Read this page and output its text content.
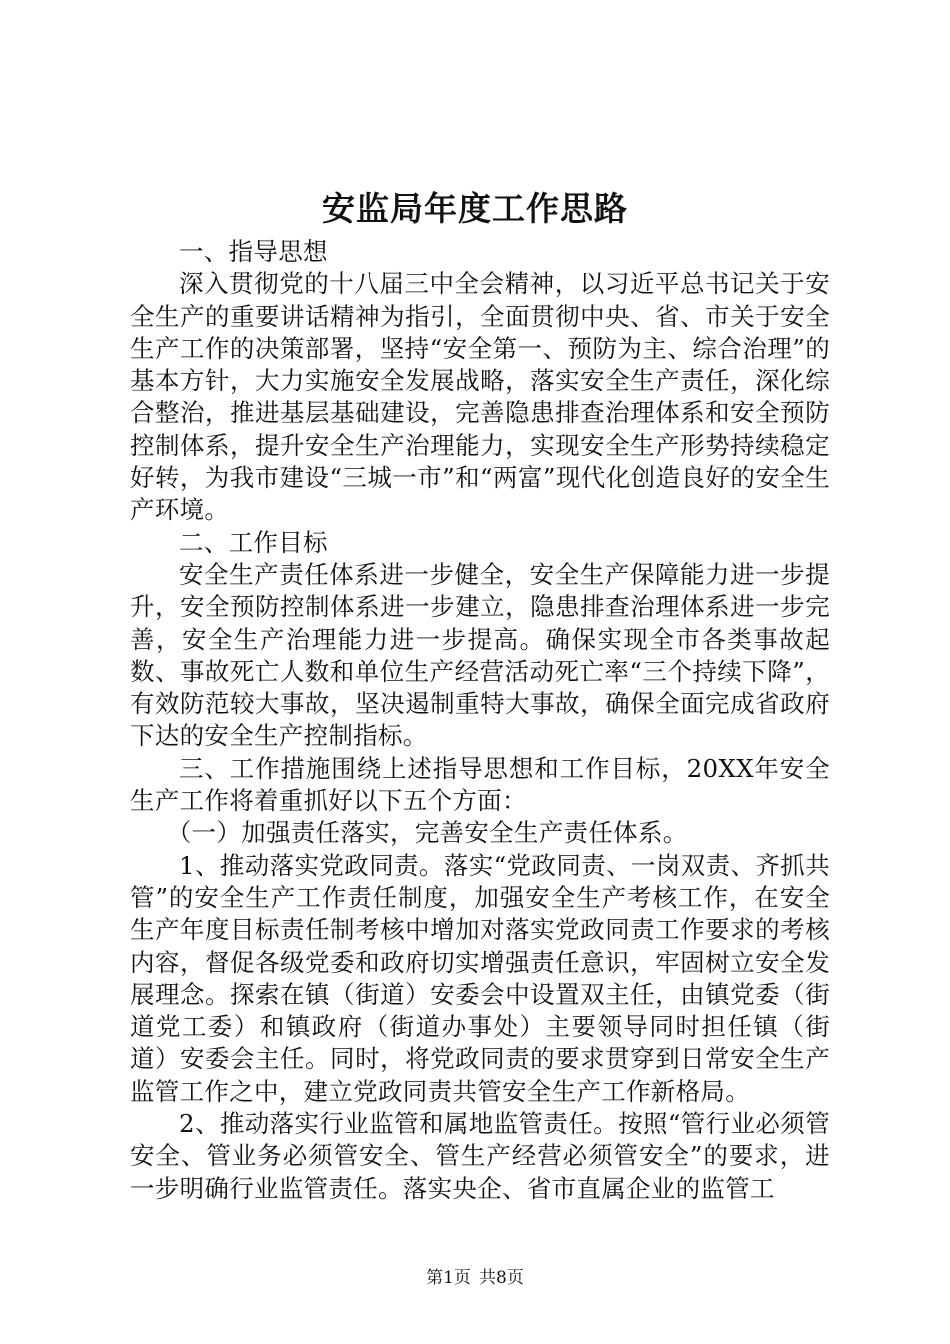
安监局年度工作思路

一、指导思想

深入贯彻党的十八届三中全会精神，以习近平总书记关于安全生产的重要讲话精神为指引，全面贯彻中央、省、市关于安全生产工作的决策部署，坚持“安全第一、预防为主、综合治理”的基本方针，大力实施安全发展战略，落实安全生产责任，深化综合整治，推进基层基础建设，完善隐患排查治理体系和安全预防控制体系，提升安全生产治理能力，实现安全生产形势持续稳定好转，为我市建设“三城一市”和“两富”现代化创造良好的安全生产环境。

二、工作目标

安全生产责任体系进一步健全，安全生产保障能力进一步提升，安全预防控制体系进一步建立，隐患排查治理体系进一步完善，安全生产治理能力进一步提高。确保实现全市各类事故起数、事故死亡人数和单位生产经营活动死亡率“三个持续下降”，有效防范较大事故，坚决遏制重特大事故，确保全面完成省政府下达的安全生产控制指标。

三、工作措施围绕上述指导思想和工作目标，20XX年安全生产工作将着重抓好以下五个方面：

（一）加强责任落实，完善安全生产责任体系。

1、推动落实党政同责。落实“党政同责、一岗双责、齐抓共管”的安全生产工作责任制度，加强安全生产考核工作，在安全生产年度目标责任制考核中增加对落实党政同责工作要求的考核内容，督促各级党委和政府切实增强责任意识，牢固树立安全发展理念。探索在镇（街道）安委会中设置双主任，由镇党委（街道党工委）和镇政府（街道办事处）主要领导同时担任镇（街道）安委会主任。同时，将党政同责的要求贯穿到日常安全生产监管工作之中，建立党政同责共管安全生产工作新格局。

2、推动落实行业监管和属地监管责任。按照“管行业必须管安全、管业务必须管安全、管生产经营必须管安全”的要求，进一步明确行业监管责任。落实央企、省市直属企业的监管工

第1页 共8页
